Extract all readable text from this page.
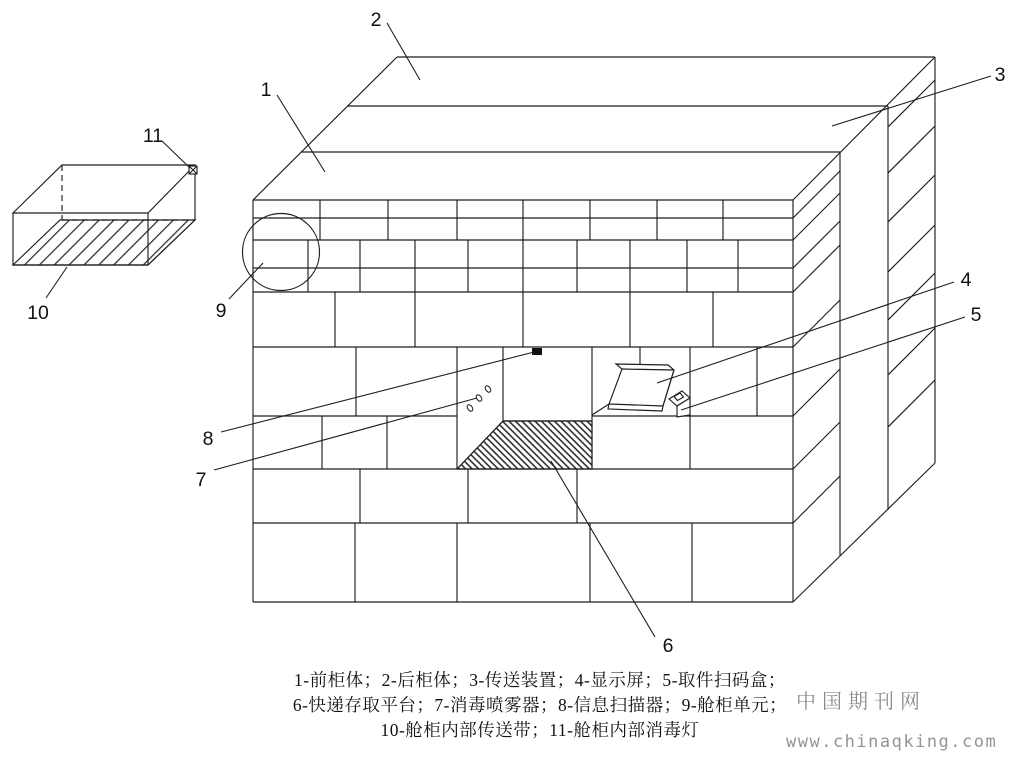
1
2
3
4
5
6
7
8
9
10
11
1-前柜体；2-后柜体；3-传送装置；4-显示屏；5-取件扫码盒；
6-快递存取平台；7-消毒喷雾器；8-信息扫描器；9-舱柜单元；
10-舱柜内部传送带；11-舱柜内部消毒灯
中国期刊网
www.chinaqking.com
